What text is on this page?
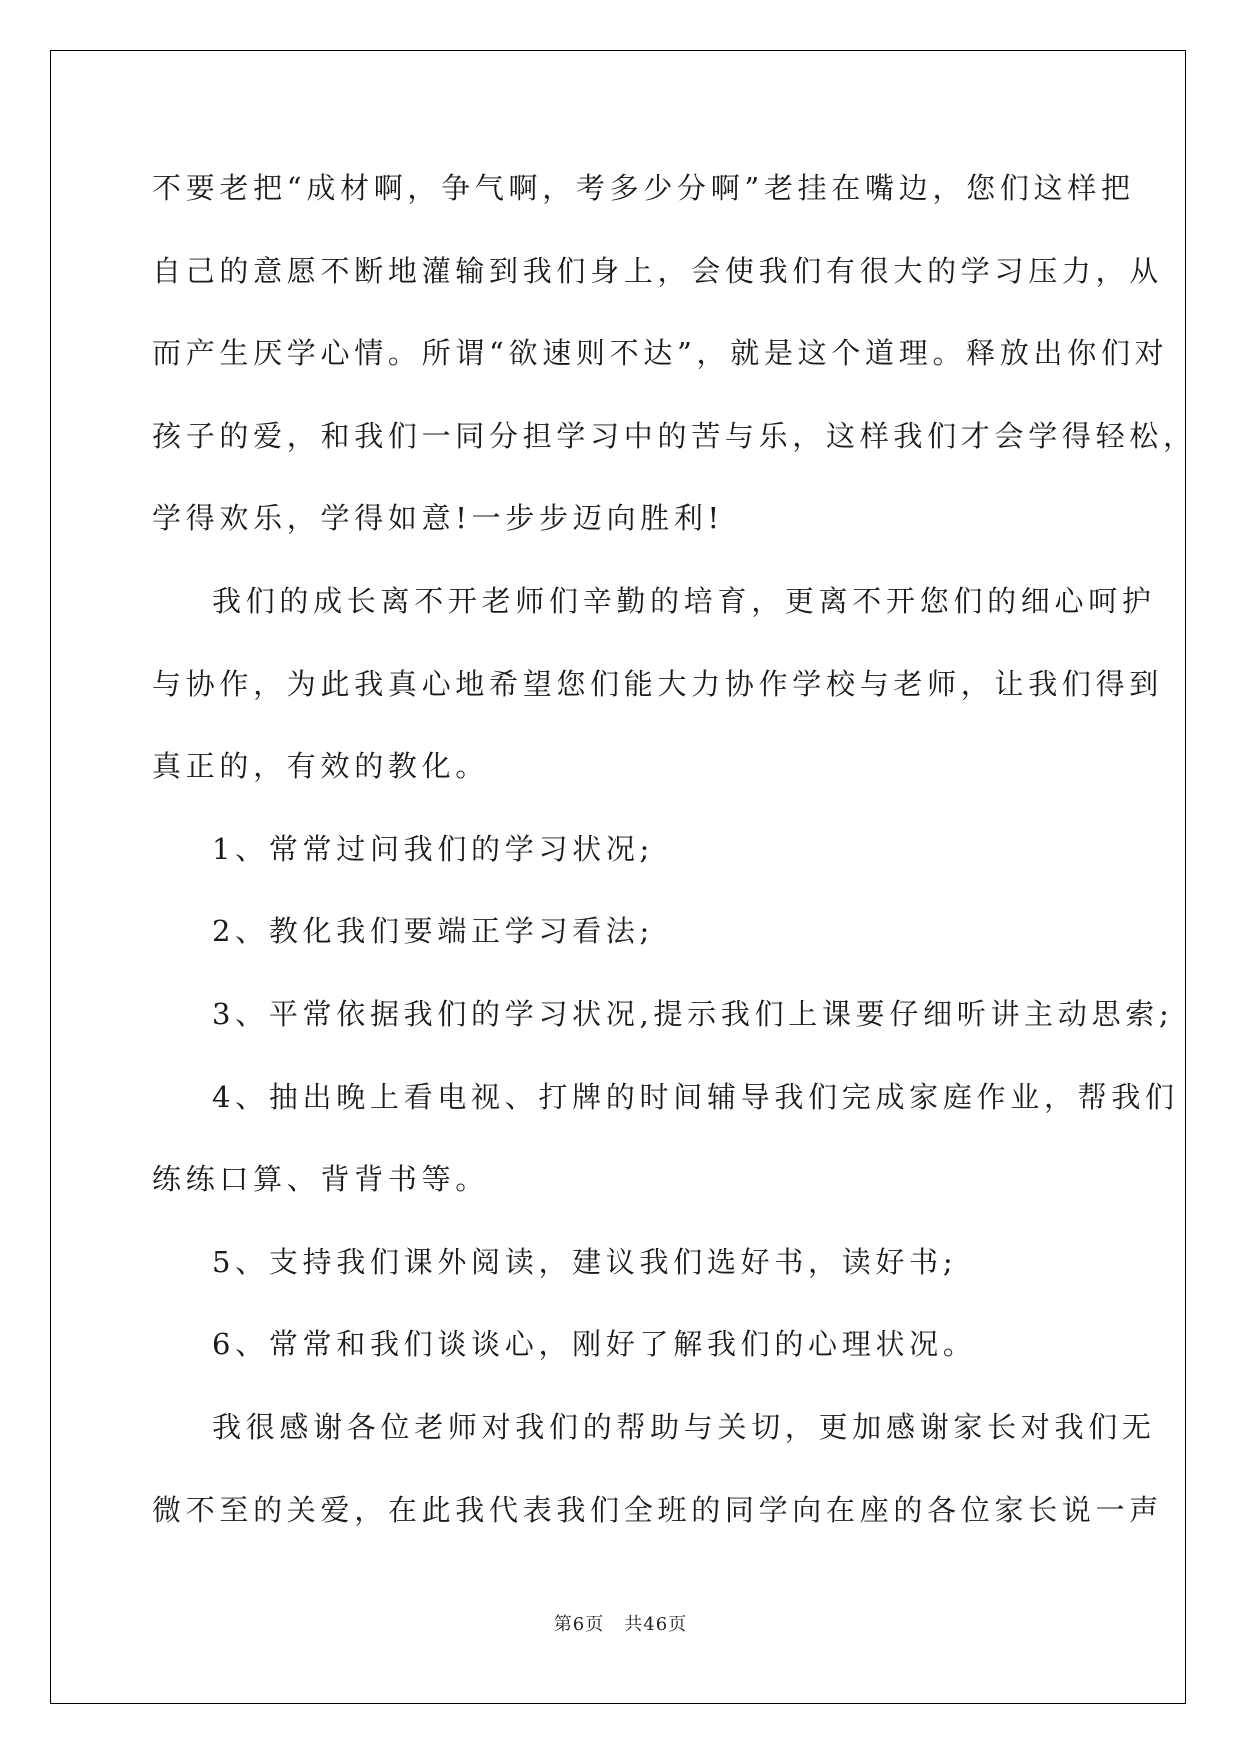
不要老把“成材啊，争气啊，考多少分啊”老挂在嘴边，您们这样把
自己的意愿不断地灌输到我们身上，会使我们有很大的学习压力，从
而产生厌学心情。所谓“欲速则不达”，就是这个道理。释放出你们对
孩子的爱，和我们一同分担学习中的苦与乐，这样我们才会学得轻松，
学得欢乐，学得如意!一步步迈向胜利!
我们的成长离不开老师们辛勤的培育，更离不开您们的细心呵护
与协作，为此我真心地希望您们能大力协作学校与老师，让我们得到
真正的，有效的教化。
1、常常过问我们的学习状况;
2、教化我们要端正学习看法;
3、平常依据我们的学习状况,提示我们上课要仔细听讲主动思索;
4、抽出晚上看电视、打牌的时间辅导我们完成家庭作业，帮我们
练练口算、背背书等。
5、支持我们课外阅读，建议我们选好书，读好书;
6、常常和我们谈谈心，刚好了解我们的心理状况。
我很感谢各位老师对我们的帮助与关切，更加感谢家长对我们无
微不至的关爱，在此我代表我们全班的同学向在座的各位家长说一声
第6页 共46页
